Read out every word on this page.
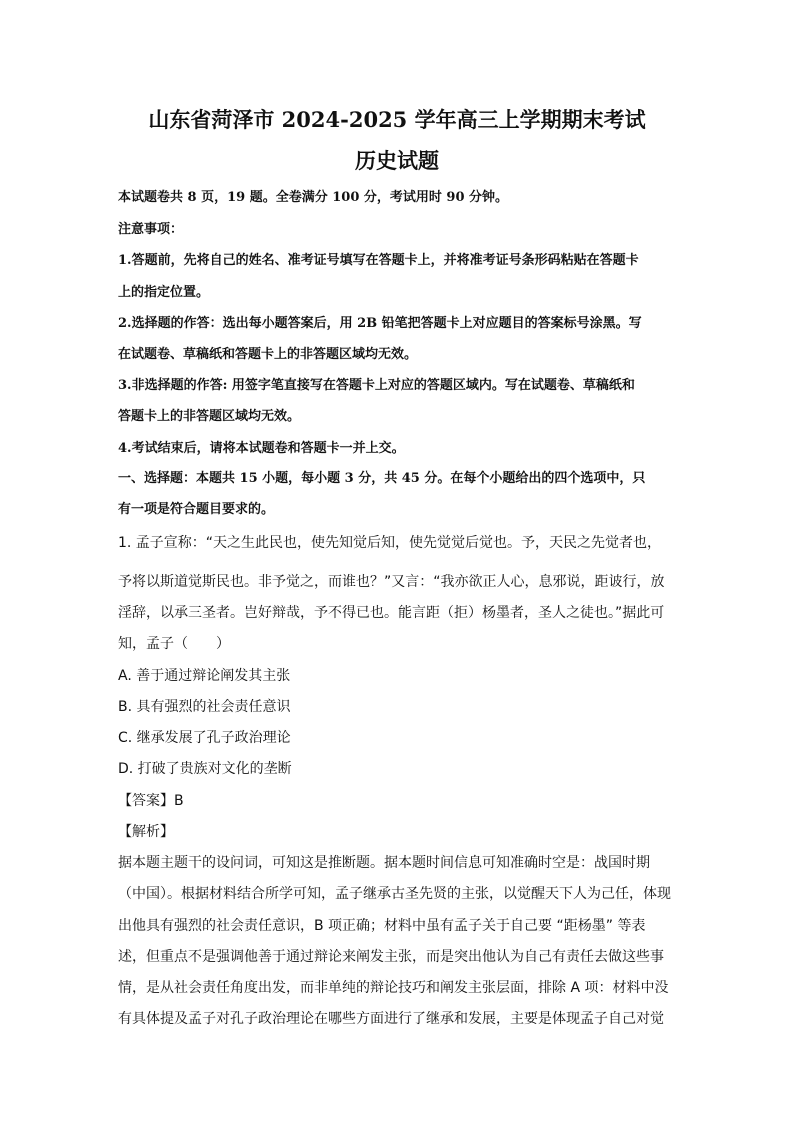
山东省菏泽市 2024-2025 学年高三上学期期末考试
历史试题
本试题卷共 8 页，19 题。全卷满分 100 分，考试用时 90 分钟。
注意事项：
1.答题前，先将自己的姓名、准考证号填写在答题卡上，并将准考证号条形码粘贴在答题卡
上的指定位置。
2.选择题的作答：选出每小题答案后，用 2B 铅笔把答题卡上对应题目的答案标号涂黑。写
在试题卷、草稿纸和答题卡上的非答题区域均无效。
3.非选择题的作答: 用签字笔直接写在答题卡上对应的答题区域内。写在试题卷、草稿纸和
答题卡上的非答题区域均无效。
4.考试结束后，请将本试题卷和答题卡一并上交。
一、选择题：本题共 15 小题，每小题 3 分，共 45 分。在每个小题给出的四个选项中，只
有一项是符合题目要求的。
1. 孟子宣称：“天之生此民也，使先知觉后知，使先觉觉后觉也。予，天民之先觉者也，
予将以斯道觉斯民也。非予觉之，而谁也？”又言：“我亦欲正人心，息邪说，距诐行，放
淫辞，以承三圣者。岂好辩哉，予不得已也。能言距（拒）杨墨者，圣人之徒也。”据此可
知，孟子（　　）
A. 善于通过辩论阐发其主张
B. 具有强烈的社会责任意识
C. 继承发展了孔子政治理论
D. 打破了贵族对文化的垄断
【答案】B
【解析】
据本题主题干的设问词，可知这是推断题。据本题时间信息可知准确时空是：战国时期
（中国）。根据材料结合所学可知，孟子继承古圣先贤的主张，以觉醒天下人为己任，体现
出他具有强烈的社会责任意识，B 项正确；材料中虽有孟子关于自己要 “距杨墨” 等表
述，但重点不是强调他善于通过辩论来阐发主张，而是突出他认为自己有责任去做这些事
情，是从社会责任角度出发，而非单纯的辩论技巧和阐发主张层面，排除 A 项：材料中没
有具体提及孟子对孔子政治理论在哪些方面进行了继承和发展，主要是体现孟子自己对觉
